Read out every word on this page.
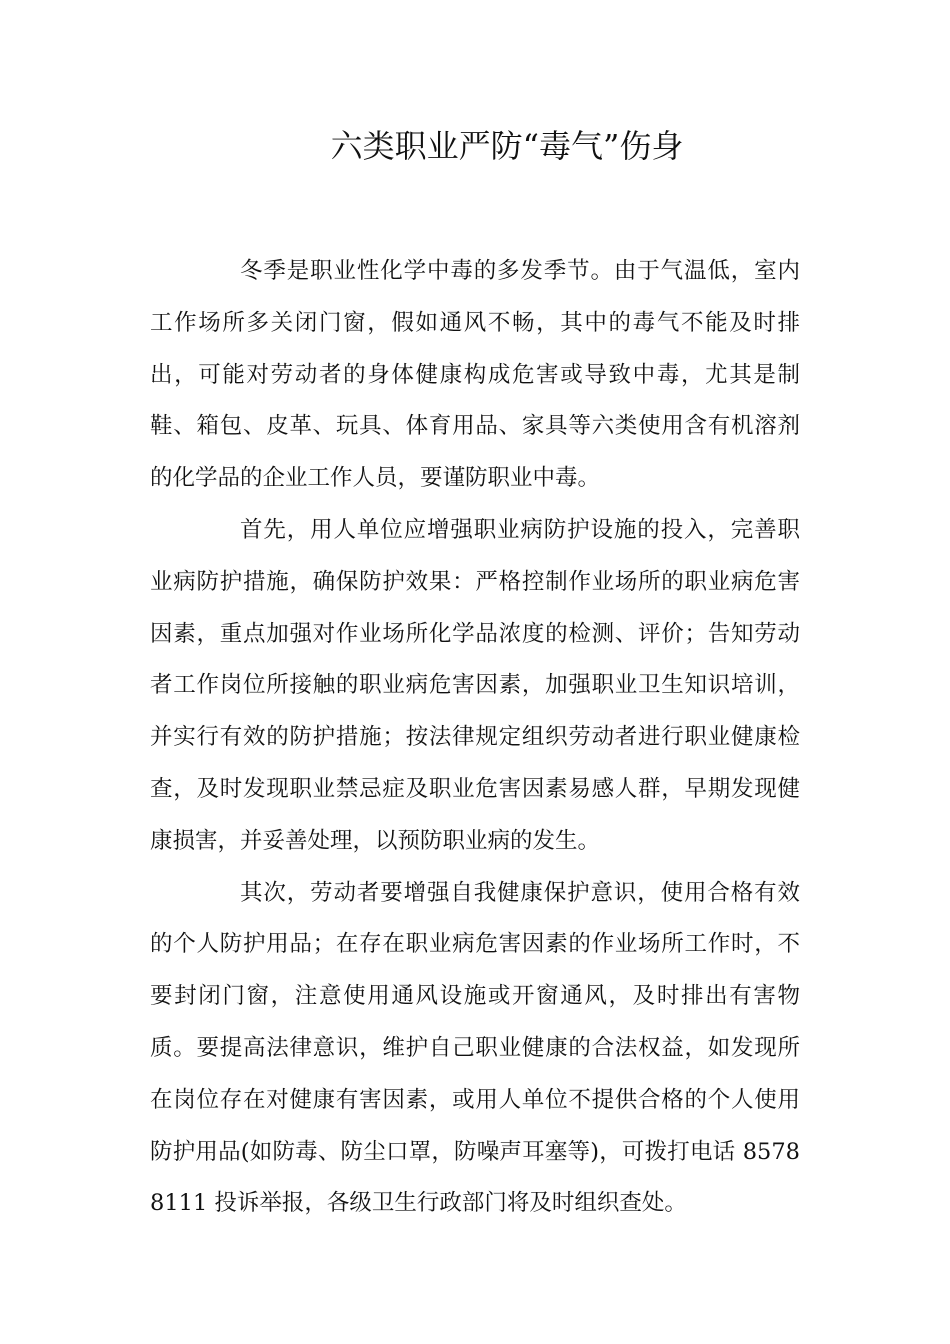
六类职业严防“毒气”伤身

冬季是职业性化学中毒的多发季节。由于气温低，室内工作场所多关闭门窗，假如通风不畅，其中的毒气不能及时排出，可能对劳动者的身体健康构成危害或导致中毒，尤其是制鞋、箱包、皮革、玩具、体育用品、家具等六类使用含有机溶剂的化学品的企业工作人员，要谨防职业中毒。

首先，用人单位应增强职业病防护设施的投入，完善职业病防护措施，确保防护效果：严格控制作业场所的职业病危害因素，重点加强对作业场所化学品浓度的检测、评价；告知劳动者工作岗位所接触的职业病危害因素，加强职业卫生知识培训，并实行有效的防护措施；按法律规定组织劳动者进行职业健康检查，及时发现职业禁忌症及职业危害因素易感人群，早期发现健康损害，并妥善处理，以预防职业病的发生。

其次，劳动者要增强自我健康保护意识，使用合格有效的个人防护用品；在存在职业病危害因素的作业场所工作时，不要封闭门窗，注意使用通风设施或开窗通风，及时排出有害物质。要提高法律意识，维护自己职业健康的合法权益，如发现所在岗位存在对健康有害因素，或用人单位不提供合格的个人使用防护用品(如防毒、防尘口罩，防噪声耳塞等)，可拨打电话 85788111 投诉举报，各级卫生行政部门将及时组织查处。
